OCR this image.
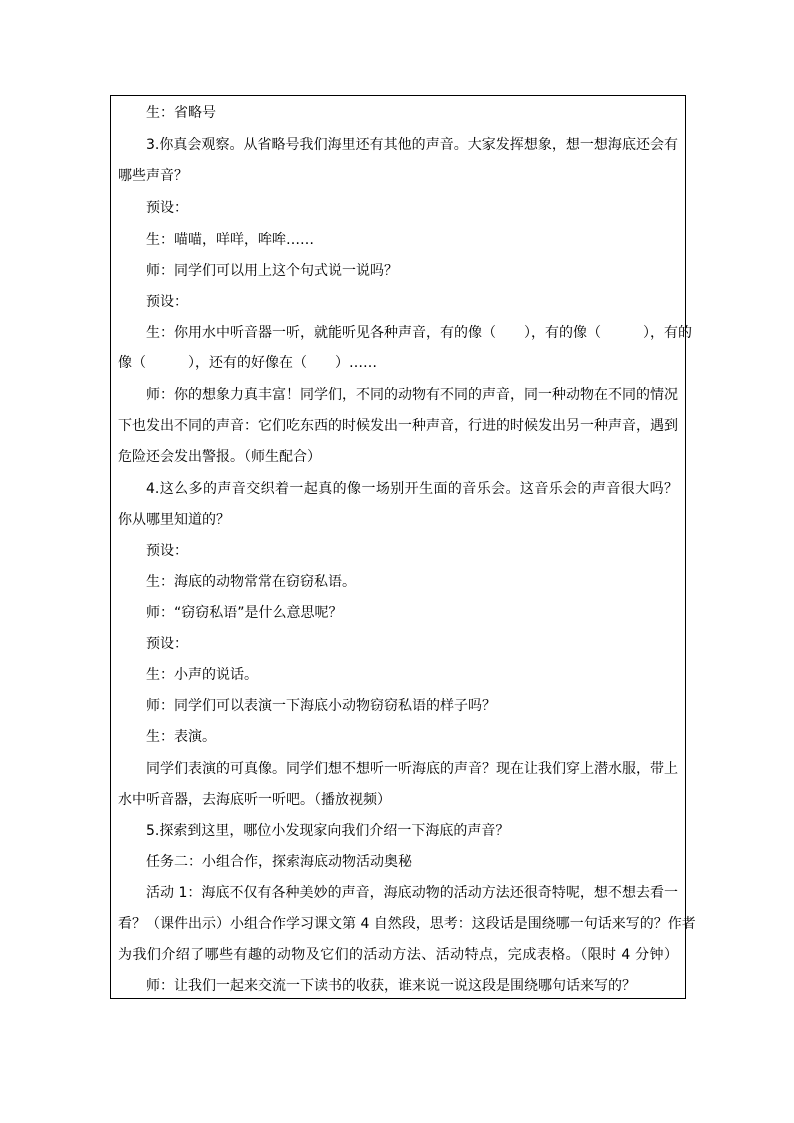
生：省略号
3.你真会观察。从省略号我们海里还有其他的声音。大家发挥想象，想一想海底还会有
哪些声音？
预设：
生：喵喵，咩咩，哞哞……
师：同学们可以用上这个句式说一说吗？
预设：
生：你用水中听音器一听，就能听见各种声音，有的像（　　），有的像（　　　），有的
像（　　　），还有的好像在（　　）……
师：你的想象力真丰富！同学们，不同的动物有不同的声音，同一种动物在不同的情况
下也发出不同的声音：它们吃东西的时候发出一种声音，行进的时候发出另一种声音，遇到
危险还会发出警报。（师生配合）
4.这么多的声音交织着一起真的像一场别开生面的音乐会。这音乐会的声音很大吗？
你从哪里知道的？
预设：
生：海底的动物常常在窃窃私语。
师：“窃窃私语”是什么意思呢？
预设：
生：小声的说话。
师：同学们可以表演一下海底小动物窃窃私语的样子吗？
生：表演。
同学们表演的可真像。同学们想不想听一听海底的声音？现在让我们穿上潜水服，带上
水中听音器，去海底听一听吧。（播放视频）
5.探索到这里，哪位小发现家向我们介绍一下海底的声音？
任务二：小组合作，探索海底动物活动奥秘
活动 1：海底不仅有各种美妙的声音，海底动物的活动方法还很奇特呢，想不想去看一
看？（课件出示）小组合作学习课文第 4 自然段，思考：这段话是围绕哪一句话来写的？作者
为我们介绍了哪些有趣的动物及它们的活动方法、活动特点，完成表格。（限时 4 分钟）
师：让我们一起来交流一下读书的收获，谁来说一说这段是围绕哪句话来写的？
